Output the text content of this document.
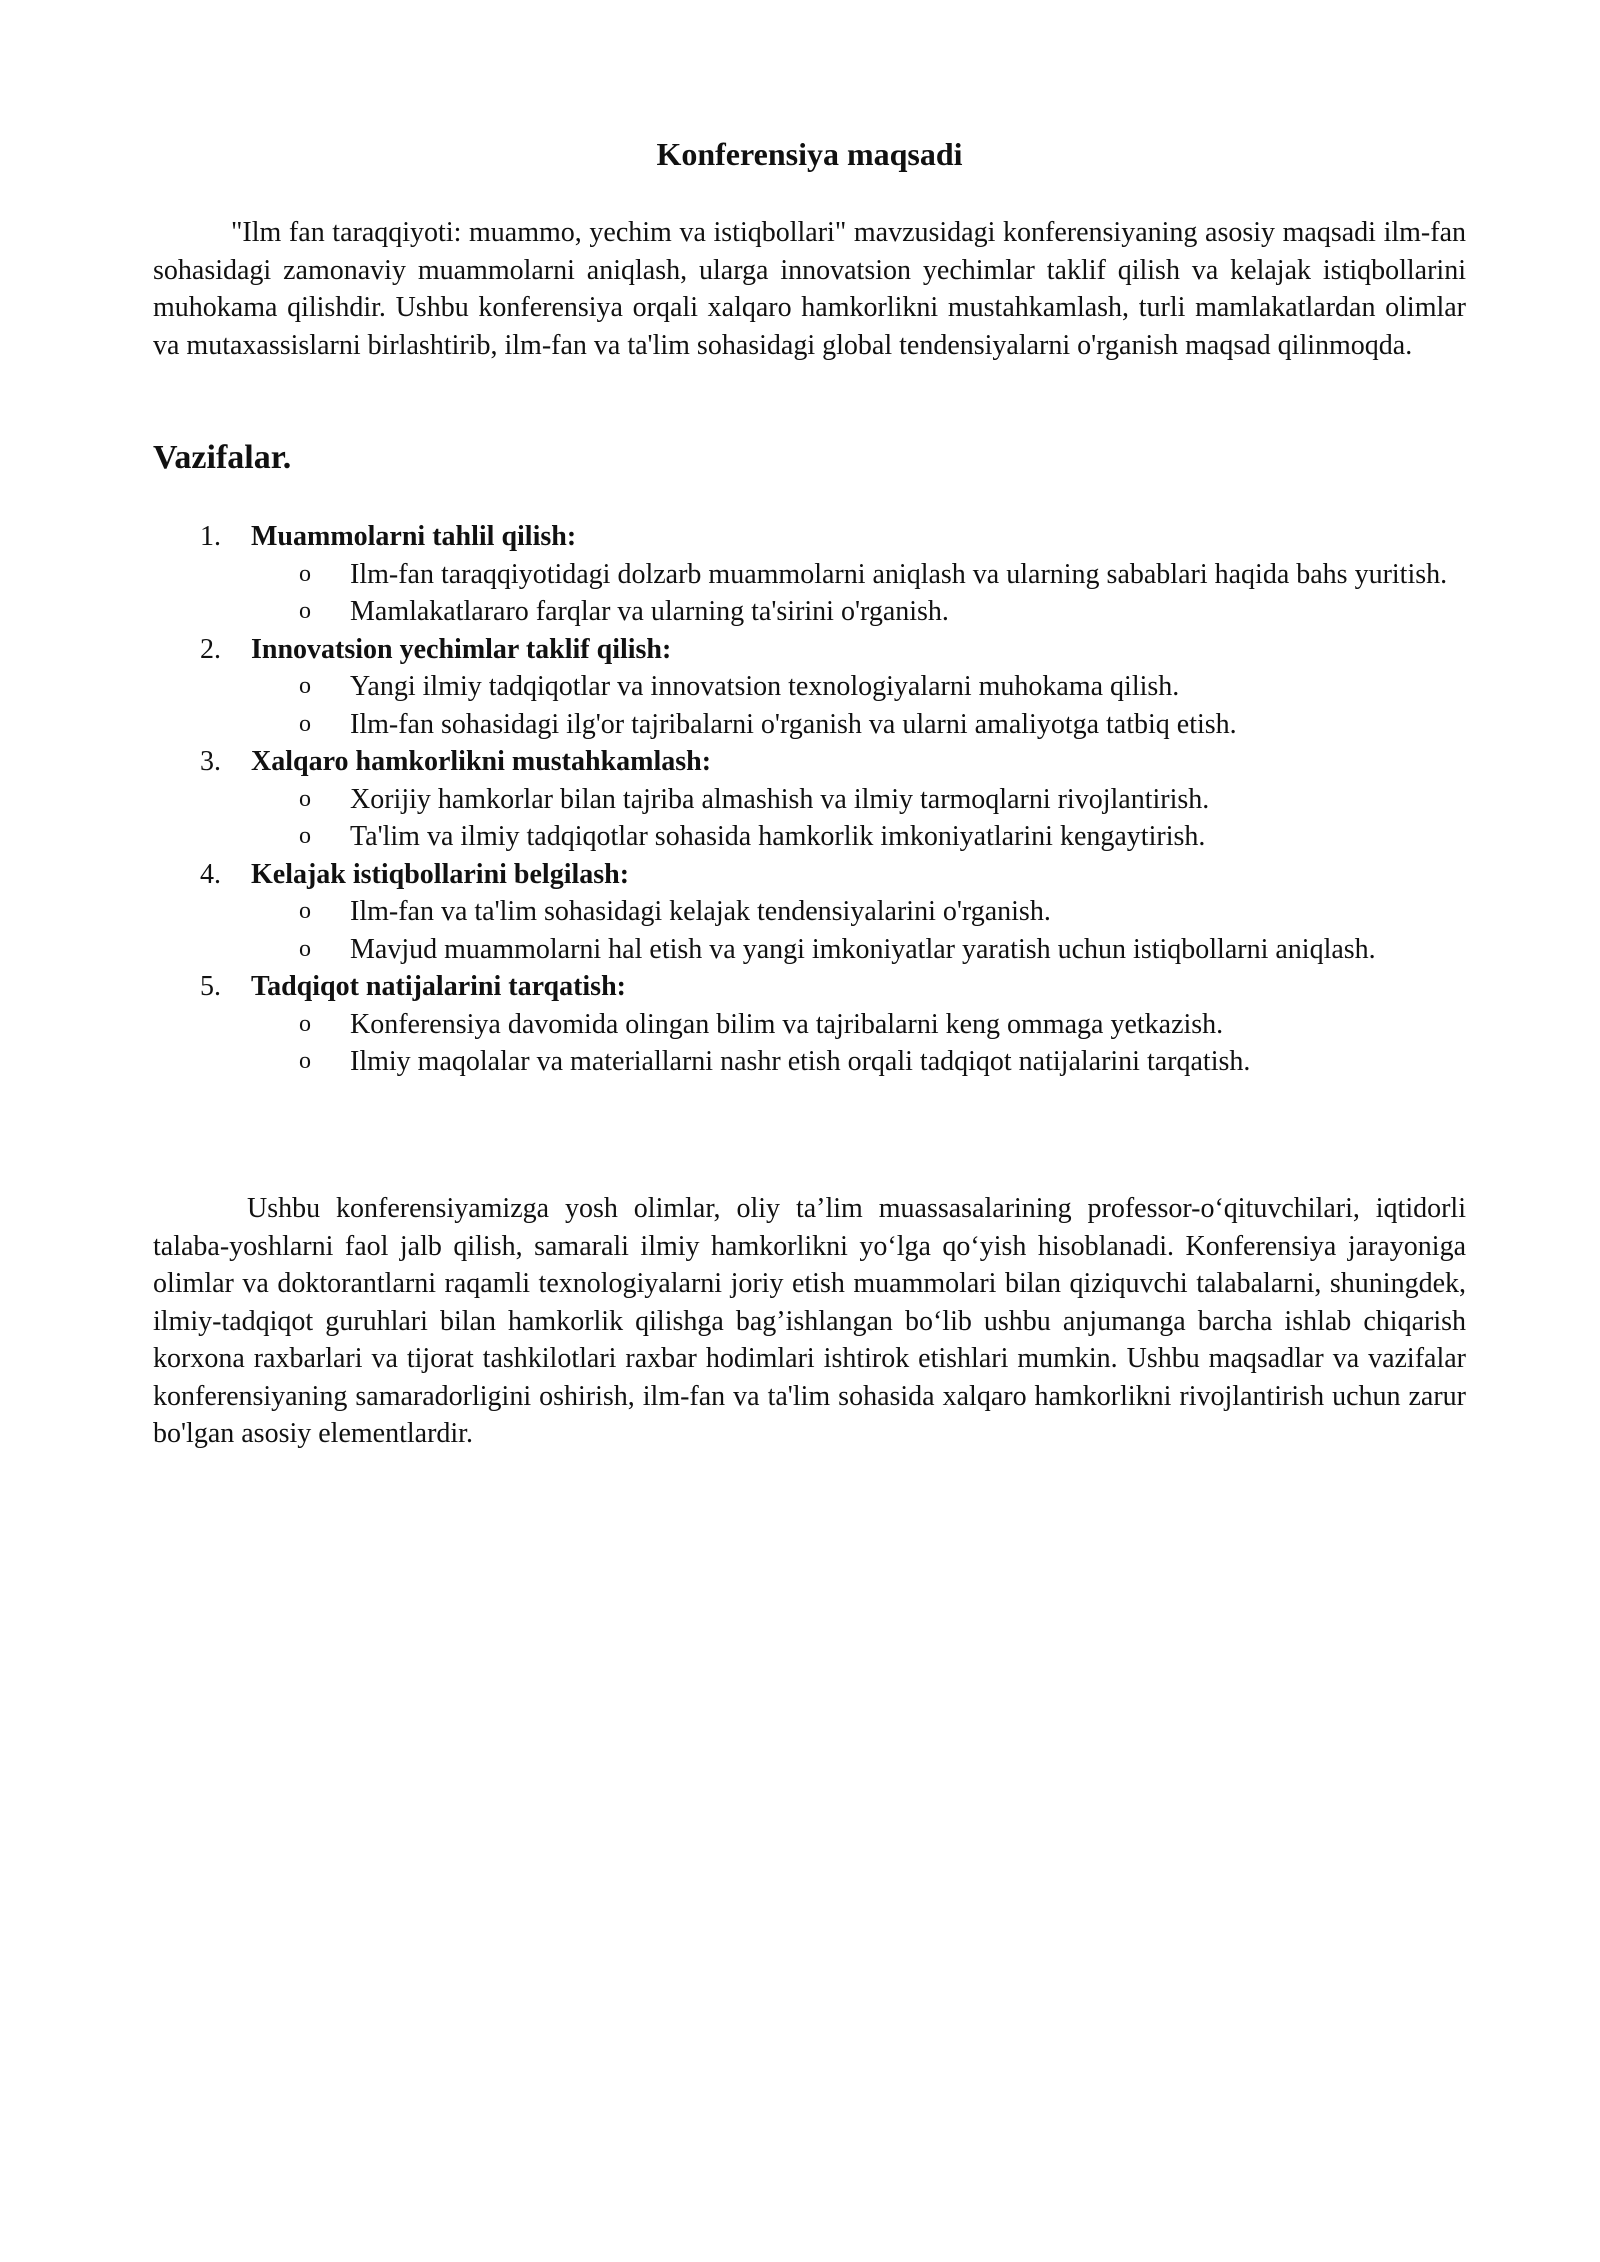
Konferensiya maqsadi

"Ilm fan taraqqiyoti: muammo, yechim va istiqbollari" mavzusidagi konferensiyaning asosiy maqsadi ilm-fan sohasidagi zamonaviy muammolarni aniqlash, ularga innovatsion yechimlar taklif qilish va kelajak istiqbollarini muhokama qilishdir. Ushbu konferensiya orqali xalqaro hamkorlikni mustahkamlash, turli mamlakatlardan olimlar va mutaxassislarni birlashtirib, ilm-fan va ta'lim sohasidagi global tendensiyalarni o'rganish maqsad qilinmoqda.

Vazifalar.
1. Muammolarni tahlil qilish:
o Ilm-fan taraqqiyotidagi dolzarb muammolarni aniqlash va ularning sabablari haqida bahs yuritish.
o Mamlakatlararo farqlar va ularning ta'sirini o'rganish.
2. Innovatsion yechimlar taklif qilish:
o Yangi ilmiy tadqiqotlar va innovatsion texnologiyalarni muhokama qilish.
o Ilm-fan sohasidagi ilg'or tajribalarni o'rganish va ularni amaliyotga tatbiq etish.
3. Xalqaro hamkorlikni mustahkamlash:
o Xorijiy hamkorlar bilan tajriba almashish va ilmiy tarmoqlarni rivojlantirish.
o Ta'lim va ilmiy tadqiqotlar sohasida hamkorlik imkoniyatlarini kengaytirish.
4. Kelajak istiqbollarini belgilash:
o Ilm-fan va ta'lim sohasidagi kelajak tendensiyalarini o'rganish.
o Mavjud muammolarni hal etish va yangi imkoniyatlar yaratish uchun istiqbollarni aniqlash.
5. Tadqiqot natijalarini tarqatish:
o Konferensiya davomida olingan bilim va tajribalarni keng ommaga yetkazish.
o Ilmiy maqolalar va materiallarni nashr etish orqali tadqiqot natijalarini tarqatish.

Ushbu konferensiyamizga yosh olimlar, oliy ta’lim muassasalarining professor-o‘qituvchilari, iqtidorli talaba-yoshlarni faol jalb qilish, samarali ilmiy hamkorlikni yo‘lga qo‘yish hisoblanadi. Konferensiya jarayoniga olimlar va doktorantlarni raqamli texnologiyalarni joriy etish muammolari bilan qiziquvchi talabalarni, shuningdek, ilmiy-tadqiqot guruhlari bilan hamkorlik qilishga bag’ishlangan bo‘lib ushbu anjumanga barcha ishlab chiqarish korxona raxbarlari va tijorat tashkilotlari raxbar hodimlari ishtirok etishlari mumkin. Ushbu maqsadlar va vazifalar konferensiyaning samaradorligini oshirish, ilm-fan va ta'lim sohasida xalqaro hamkorlikni rivojlantirish uchun zarur bo'lgan asosiy elementlardir.
